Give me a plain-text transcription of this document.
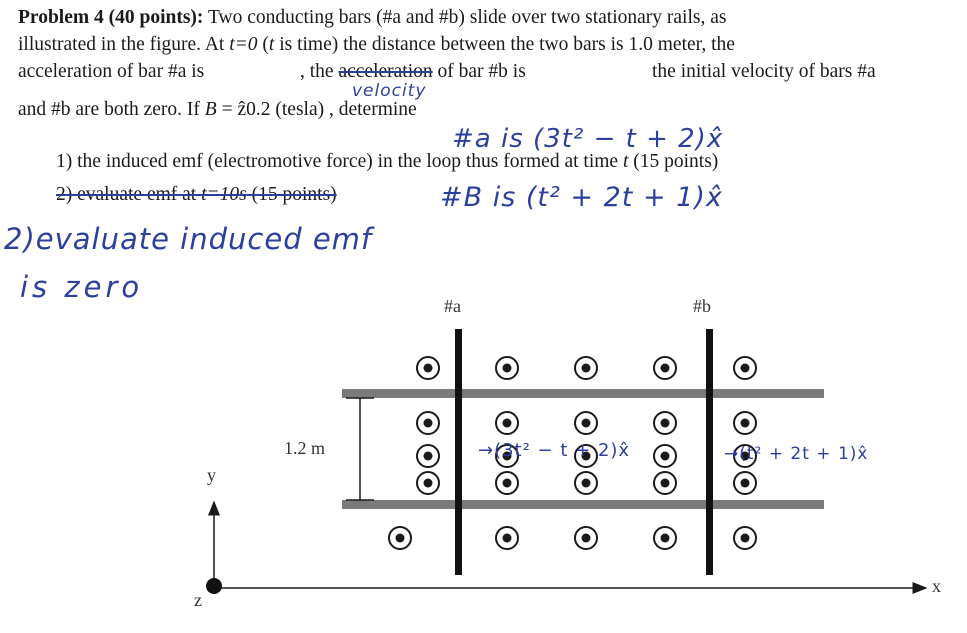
Problem 4 (40 points): Two conducting bars (#a and #b) slide over two stationary rails, as
illustrated in the figure. At t=0 (t is time) the distance between the two bars is 1.0 meter, the
acceleration of bar #a is	, the acceleration of bar #b is	the initial velocity of bars #a
and #b are both zero. If B = ẑ0.2 (tesla) , determine
1) the induced emf (electromotive force) in the loop thus formed at time t (15 points)
2) evaluate emf at t=10s (15 points)
velocity
#a is (3t² − t + 2)x̂
#B is (t² + 2t + 1)x̂
2)evaluate induced emf
is zero
#a	#b
1.2 m
y
z
x
→(3t² − t + 2)x̂	→(t² + 2t + 1)x̂
